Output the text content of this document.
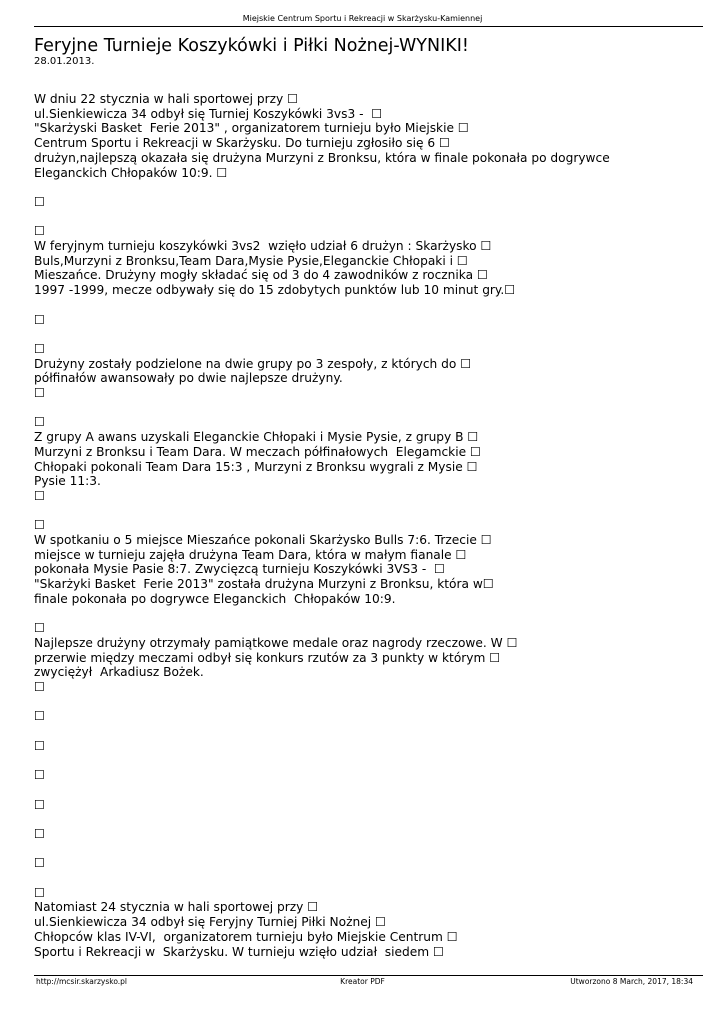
Miejskie Centrum Sportu i Rekreacji w Skarżysku-Kamiennej
Feryjne Turnieje Koszykówki i Piłki Nożnej-WYNIKI!
28.01.2013.
W dniu 22 stycznia w hali sportowej przy ☐
ul.Sienkiewicza 34 odbył się Turniej Koszykówki 3vs3 -  ☐
"Skarżyski Basket  Ferie 2013" , organizatorem turnieju było Miejskie ☐
Centrum Sportu i Rekreacji w Skarżysku. Do turnieju zgłosiło się 6 ☐
drużyn,najlepszą okazała się drużyna Murzyni z Bronksu, która w finale pokonała po dogrywce
Eleganckich Chłopaków 10:9. ☐
☐
☐
W feryjnym turnieju koszykówki 3vs2  wzięło udział 6 drużyn : Skarżysko ☐
Buls,Murzyni z Bronksu,Team Dara,Mysie Pysie,Eleganckie Chłopaki i ☐
Mieszańce. Drużyny mogły składać się od 3 do 4 zawodników z rocznika ☐
1997 -1999, mecze odbywały się do 15 zdobytych punktów lub 10 minut gry.☐
☐
☐
Drużyny zostały podzielone na dwie grupy po 3 zespoły, z których do ☐
półfinałów awansowały po dwie najlepsze drużyny.
☐
☐
Z grupy A awans uzyskali Eleganckie Chłopaki i Mysie Pysie, z grupy B ☐
Murzyni z Bronksu i Team Dara. W meczach półfinałowych  Elegamckie ☐
Chłopaki pokonali Team Dara 15:3 , Murzyni z Bronksu wygrali z Mysie ☐
Pysie 11:3.
☐
☐
W spotkaniu o 5 miejsce Mieszańce pokonali Skarżysko Bulls 7:6. Trzecie ☐
miejsce w turnieju zajęła drużyna Team Dara, która w małym fianale ☐
pokonała Mysie Pasie 8:7. Zwycięzcą turnieju Koszykówki 3VS3 -  ☐
"Skarżyki Basket  Ferie 2013" została drużyna Murzyni z Bronksu, która w☐
finale pokonała po dogrywce Eleganckich  Chłopaków 10:9.
☐
Najlepsze drużyny otrzymały pamiątkowe medale oraz nagrody rzeczowe. W ☐
przerwie między meczami odbył się konkurs rzutów za 3 punkty w którym ☐
zwyciężył  Arkadiusz Bożek.
☐
☐
☐
☐
☐
☐
☐
☐
Natomiast 24 stycznia w hali sportowej przy ☐
ul.Sienkiewicza 34 odbył się Feryjny Turniej Piłki Nożnej ☐
Chłopców klas IV-VI,  organizatorem turnieju było Miejskie Centrum ☐
Sportu i Rekreacji w  Skarżysku. W turnieju wzięło udział  siedem ☐
http://mcsir.skarzysko.pl	Kreator PDF	Utworzono 8 March, 2017, 18:34
